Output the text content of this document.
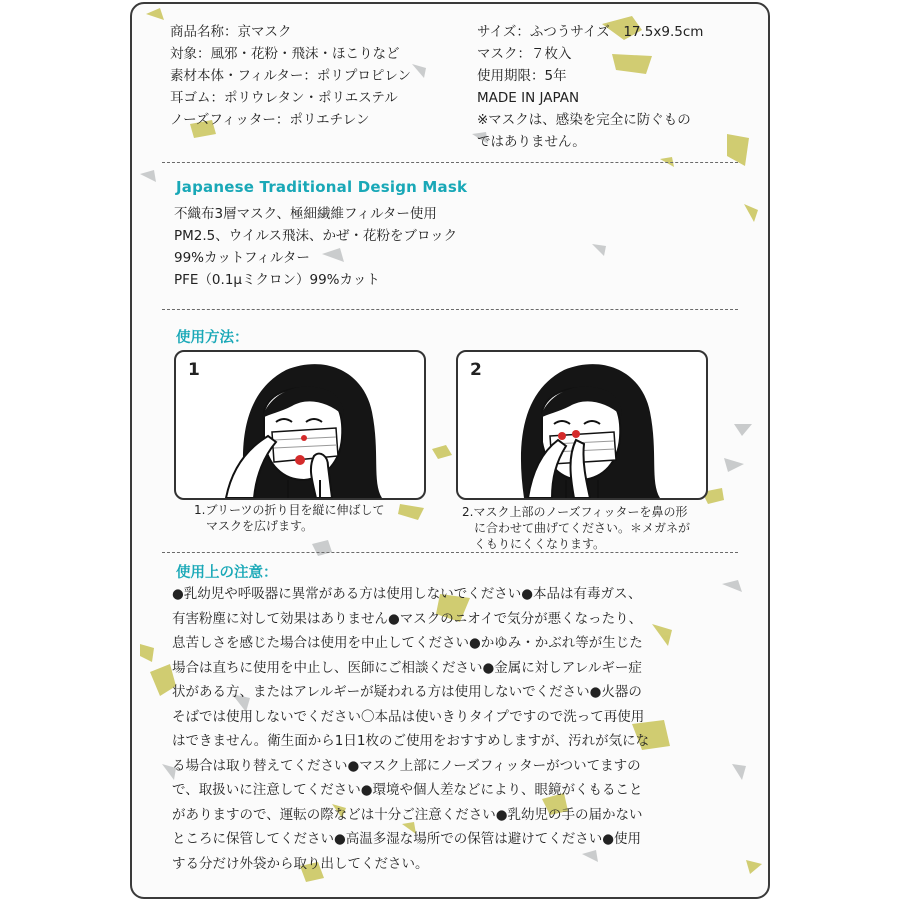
商品名称：京マスク
対象：風邪・花粉・飛沫・ほこりなど
素材本体・フィルター：ポリプロピレン
耳ゴム：ポリウレタン・ポリエステル
ノーズフィッター：ポリエチレン
サイズ：ふつうサイズ　17.5x9.5cm
マスク：７枚入
使用期限：5年
MADE IN JAPAN
※マスクは、感染を完全に防ぐもの
ではありません。
Japanese Traditional Design Mask
不織布3層マスク、極細繊維フィルター使用
PM2.5、ウイルス飛沫、かぜ・花粉をブロック
99%カットフィルター
PFE（0.1μミクロン）99%カット
使用方法：
1	2
1.ブリーツの折り目を縦に伸ばして
マスクを広げます。
2.マスク上部のノーズフィッターを鼻の形
に合わせて曲げてください。＊メガネが
くもりにくくなります。
使用上の注意：
●乳幼児や呼吸器に異常がある方は使用しないでください●本品は有毒ガス、
有害粉塵に対して効果はありません●マスクのニオイで気分が悪くなったり、
息苦しさを感じた場合は使用を中止してください●かゆみ・かぶれ等が生じた
場合は直ちに使用を中止し、医師にご相談ください●金属に対しアレルギー症
状がある方、またはアレルギーが疑われる方は使用しないでください●火器の
そばでは使用しないでください〇本品は使いきりタイプですので洗って再使用
はできません。衛生面から1日1枚のご使用をおすすめしますが、汚れが気にな
る場合は取り替えてください●マスク上部にノーズフィッターがついてますの
で、取扱いに注意してください●環境や個人差などにより、眼鏡がくもること
がありますので、運転の際などは十分ご注意ください●乳幼児の手の届かない
ところに保管してください●高温多湿な場所での保管は避けてください●使用
する分だけ外袋から取り出してください。
